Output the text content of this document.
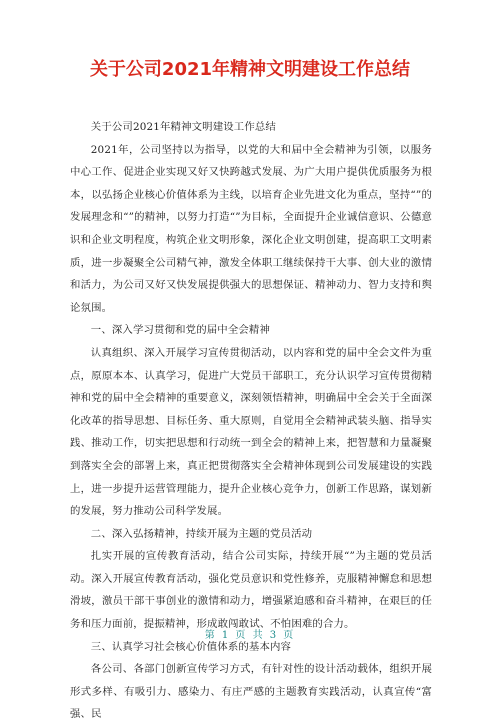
关于公司2021年精神文明建设工作总结

关于公司2021年精神文明建设工作总结

2021年，公司坚持以为指导，以党的大和届中全会精神为引领，以服务中心工作、促进企业实现又好又快跨越式发展、为广大用户提供优质服务为根本，以弘扬企业核心价值体系为主线，以培育企业先进文化为重点，坚持“”的发展理念和“”的精神，以努力打造“”为目标，全面提升企业诚信意识、公德意识和企业文明程度，构筑企业文明形象，深化企业文明创建，提高职工文明素质，进一步凝聚全公司精气神，激发全体职工继续保持干大事、创大业的激情和活力，为公司又好又快发展提供强大的思想保证、精神动力、智力支持和舆论氛围。

一、深入学习贯彻和党的届中全会精神

认真组织、深入开展学习宣传贯彻活动，以内容和党的届中全会文件为重点，原原本本、认真学习，促进广大党员干部职工，充分认识学习宣传贯彻精神和党的届中全会精神的重要意义，深刻领悟精神，明确届中全会关于全面深化改革的指导思想、目标任务、重大原则，自觉用全会精神武装头脑、指导实践、推动工作，切实把思想和行动统一到全会的精神上来，把智慧和力量凝聚到落实全会的部署上来，真正把贯彻落实全会精神体现到公司发展建设的实践上，进一步提升运营管理能力，提升企业核心竞争力，创新工作思路，谋划新的发展，努力推动公司科学发展。

二、深入弘扬精神，持续开展为主题的党员活动

扎实开展的宣传教育活动，结合公司实际，持续开展“”为主题的党员活动。深入开展宣传教育活动，强化党员意识和党性修养，克服精神懈怠和思想滑坡，激员干部干事创业的激情和动力，增强紧迫感和奋斗精神，在艰巨的任务和压力面前，提振精神，形成敢闯敢试、不怕困难的合力。

三、认真学习社会核心价值体系的基本内容

各公司、各部门创新宣传学习方式，有针对性的设计活动载体，组织开展形式多样、有吸引力、感染力、有庄严感的主题教育实践活动，认真宣传“富强、民

第 1 页 共 3 页
